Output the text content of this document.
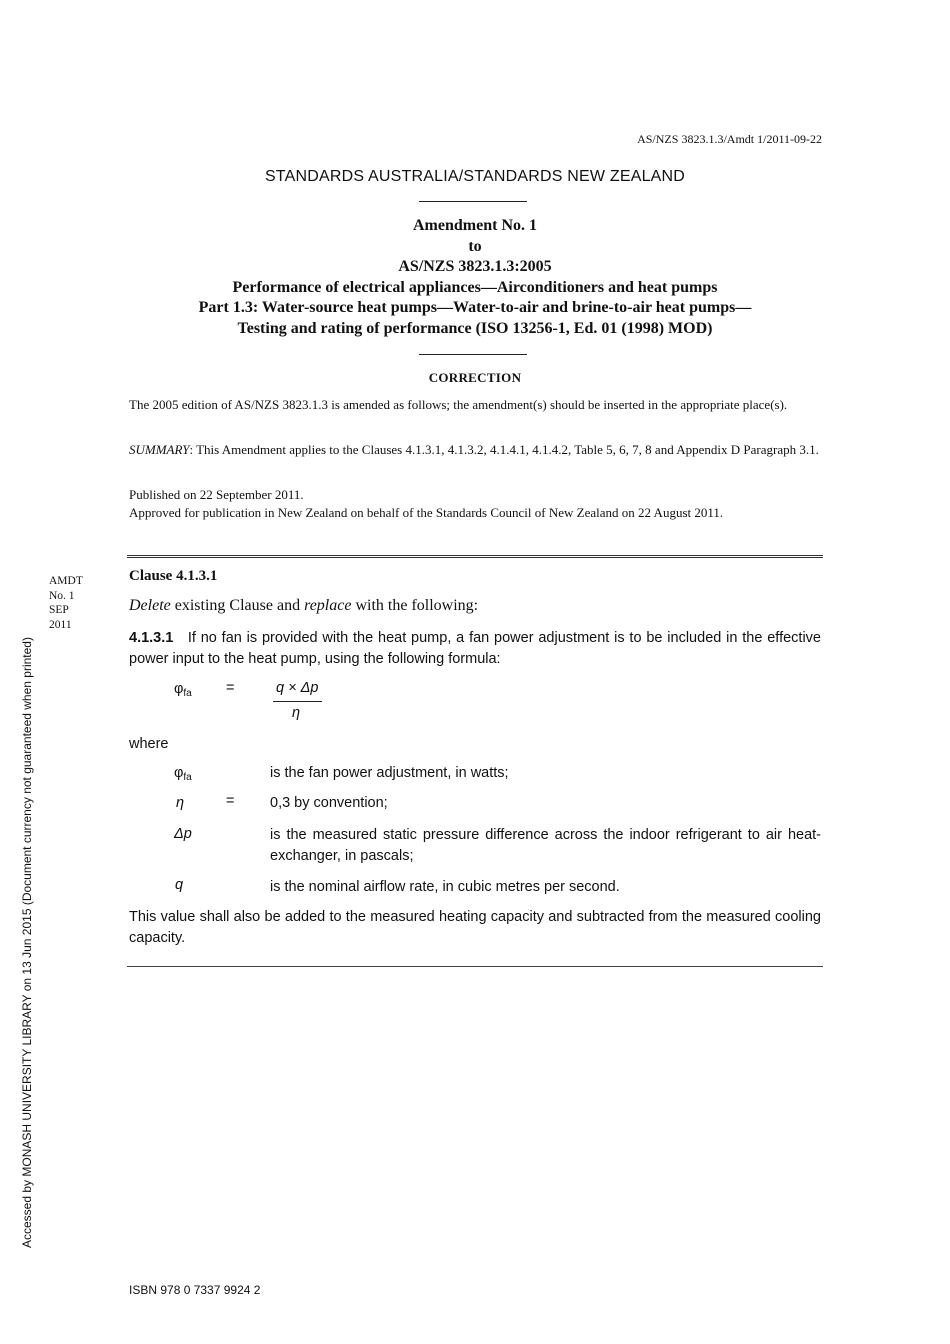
AS/NZS 3823.1.3/Amdt 1/2011-09-22
STANDARDS AUSTRALIA/STANDARDS NEW ZEALAND
Amendment No. 1
to
AS/NZS 3823.1.3:2005
Performance of electrical appliances—Airconditioners and heat pumps
Part 1.3: Water-source heat pumps—Water-to-air and brine-to-air heat pumps—
Testing and rating of performance (ISO 13256-1, Ed. 01 (1998) MOD)
CORRECTION
The 2005 edition of AS/NZS 3823.1.3 is amended as follows; the amendment(s) should be inserted in the appropriate place(s).
SUMMARY: This Amendment applies to the Clauses 4.1.3.1, 4.1.3.2, 4.1.4.1, 4.1.4.2, Table 5, 6, 7, 8 and Appendix D Paragraph 3.1.
Published on 22 September 2011.
Approved for publication in New Zealand on behalf of the Standards Council of New Zealand on 22 August 2011.
AMDT
No. 1
SEP
2011
Clause 4.1.3.1
Delete existing Clause and replace with the following:
4.1.3.1 If no fan is provided with the heat pump, a fan power adjustment is to be included in the effective power input to the heat pump, using the following formula:
$\varphi_{fa}$ =	q × Δp
η
where
$\varphi_{fa}$	is the fan power adjustment, in watts;
η	= 0,3 by convention;
Δp	is the measured static pressure difference across the indoor refrigerant to air heat-exchanger, in pascals;
q	is the nominal airflow rate, in cubic metres per second.
This value shall also be added to the measured heating capacity and subtracted from the measured cooling capacity.
Accessed by MONASH UNIVERSITY LIBRARY on 13 Jun 2015 (Document currency not guaranteed when printed)
ISBN 978 0 7337 9924 2
